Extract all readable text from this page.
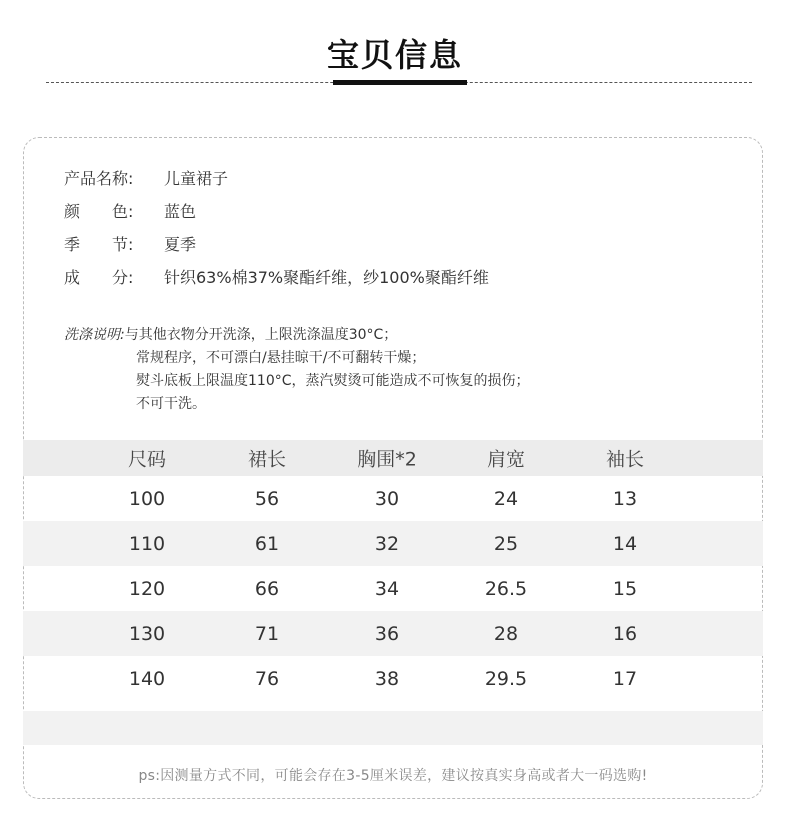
宝贝信息
产品名称:	儿童裙子
颜　　色:	蓝色
季　　节:	夏季
成　　分:	针织63%棉37%聚酯纤维，纱100%聚酯纤维
洗涤说明:与其他衣物分开洗涤，上限洗涤温度30°C；
常规程序，不可漂白/悬挂晾干/不可翻转干燥；
熨斗底板上限温度110°C，蒸汽熨烫可能造成不可恢复的损伤；
不可干洗。
尺码	裙长	胸围*2	肩宽	袖长
100	56	30	24	13
110	61	32	25	14
120	66	34	26.5	15
130	71	36	28	16
140	76	38	29.5	17
ps:因测量方式不同，可能会存在3-5厘米误差，建议按真实身高或者大一码选购!
